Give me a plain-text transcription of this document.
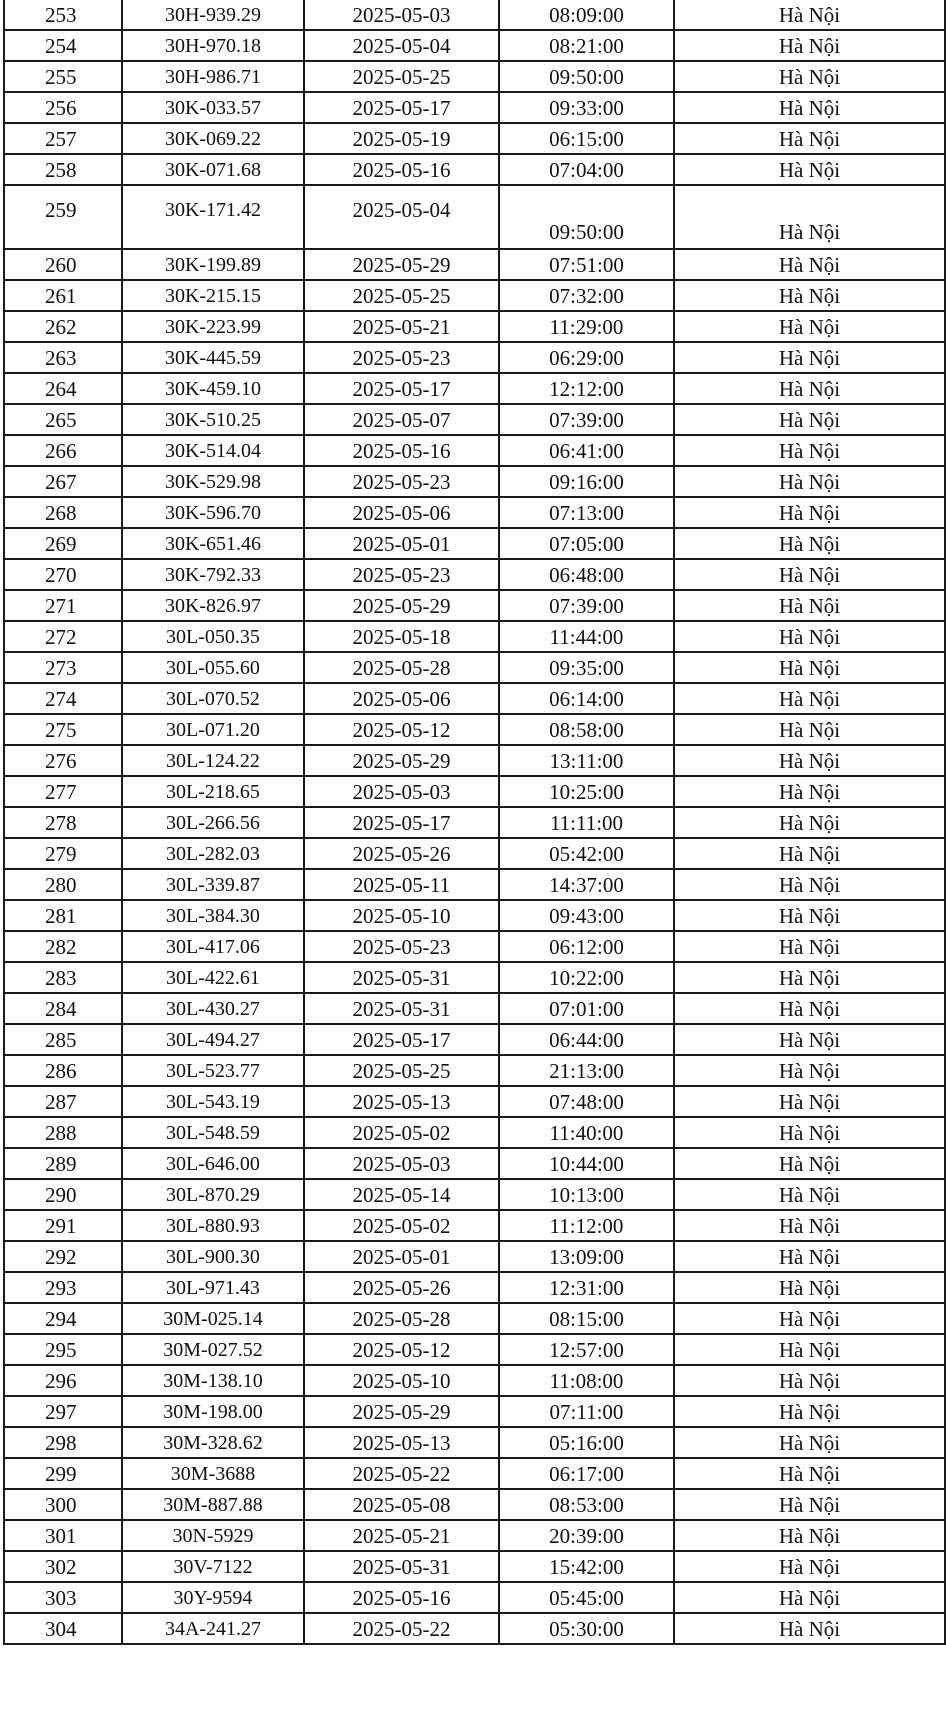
253	30H-939.29	2025-05-03	08:09:00	Hà Nội
254	30H-970.18	2025-05-04	08:21:00	Hà Nội
255	30H-986.71	2025-05-25	09:50:00	Hà Nội
256	30K-033.57	2025-05-17	09:33:00	Hà Nội
257	30K-069.22	2025-05-19	06:15:00	Hà Nội
258	30K-071.68	2025-05-16	07:04:00	Hà Nội
259	30K-171.42	2025-05-04	09:50:00	Hà Nội
260	30K-199.89	2025-05-29	07:51:00	Hà Nội
261	30K-215.15	2025-05-25	07:32:00	Hà Nội
262	30K-223.99	2025-05-21	11:29:00	Hà Nội
263	30K-445.59	2025-05-23	06:29:00	Hà Nội
264	30K-459.10	2025-05-17	12:12:00	Hà Nội
265	30K-510.25	2025-05-07	07:39:00	Hà Nội
266	30K-514.04	2025-05-16	06:41:00	Hà Nội
267	30K-529.98	2025-05-23	09:16:00	Hà Nội
268	30K-596.70	2025-05-06	07:13:00	Hà Nội
269	30K-651.46	2025-05-01	07:05:00	Hà Nội
270	30K-792.33	2025-05-23	06:48:00	Hà Nội
271	30K-826.97	2025-05-29	07:39:00	Hà Nội
272	30L-050.35	2025-05-18	11:44:00	Hà Nội
273	30L-055.60	2025-05-28	09:35:00	Hà Nội
274	30L-070.52	2025-05-06	06:14:00	Hà Nội
275	30L-071.20	2025-05-12	08:58:00	Hà Nội
276	30L-124.22	2025-05-29	13:11:00	Hà Nội
277	30L-218.65	2025-05-03	10:25:00	Hà Nội
278	30L-266.56	2025-05-17	11:11:00	Hà Nội
279	30L-282.03	2025-05-26	05:42:00	Hà Nội
280	30L-339.87	2025-05-11	14:37:00	Hà Nội
281	30L-384.30	2025-05-10	09:43:00	Hà Nội
282	30L-417.06	2025-05-23	06:12:00	Hà Nội
283	30L-422.61	2025-05-31	10:22:00	Hà Nội
284	30L-430.27	2025-05-31	07:01:00	Hà Nội
285	30L-494.27	2025-05-17	06:44:00	Hà Nội
286	30L-523.77	2025-05-25	21:13:00	Hà Nội
287	30L-543.19	2025-05-13	07:48:00	Hà Nội
288	30L-548.59	2025-05-02	11:40:00	Hà Nội
289	30L-646.00	2025-05-03	10:44:00	Hà Nội
290	30L-870.29	2025-05-14	10:13:00	Hà Nội
291	30L-880.93	2025-05-02	11:12:00	Hà Nội
292	30L-900.30	2025-05-01	13:09:00	Hà Nội
293	30L-971.43	2025-05-26	12:31:00	Hà Nội
294	30M-025.14	2025-05-28	08:15:00	Hà Nội
295	30M-027.52	2025-05-12	12:57:00	Hà Nội
296	30M-138.10	2025-05-10	11:08:00	Hà Nội
297	30M-198.00	2025-05-29	07:11:00	Hà Nội
298	30M-328.62	2025-05-13	05:16:00	Hà Nội
299	30M-3688	2025-05-22	06:17:00	Hà Nội
300	30M-887.88	2025-05-08	08:53:00	Hà Nội
301	30N-5929	2025-05-21	20:39:00	Hà Nội
302	30V-7122	2025-05-31	15:42:00	Hà Nội
303	30Y-9594	2025-05-16	05:45:00	Hà Nội
304	34A-241.27	2025-05-22	05:30:00	Hà Nội
